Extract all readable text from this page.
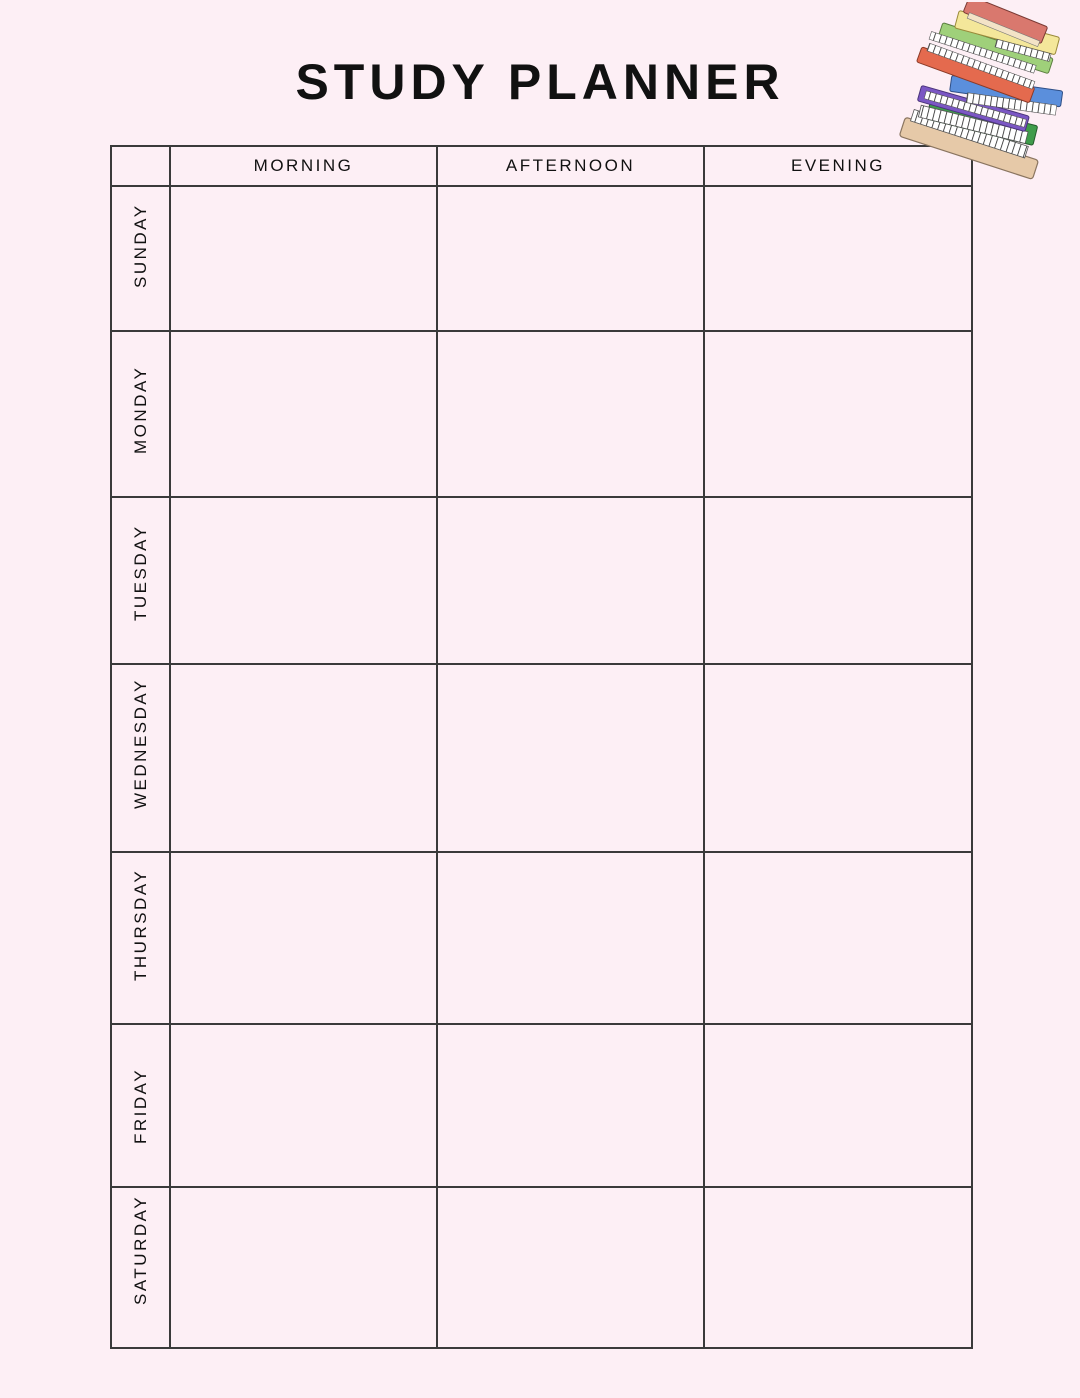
STUDY PLANNER
	MORNING	AFTERNOON	EVENING

SUNDAY			

MONDAY			

TUESDAY			

WEDNESDAY			

THURSDAY			

FRIDAY			

SATURDAY			
